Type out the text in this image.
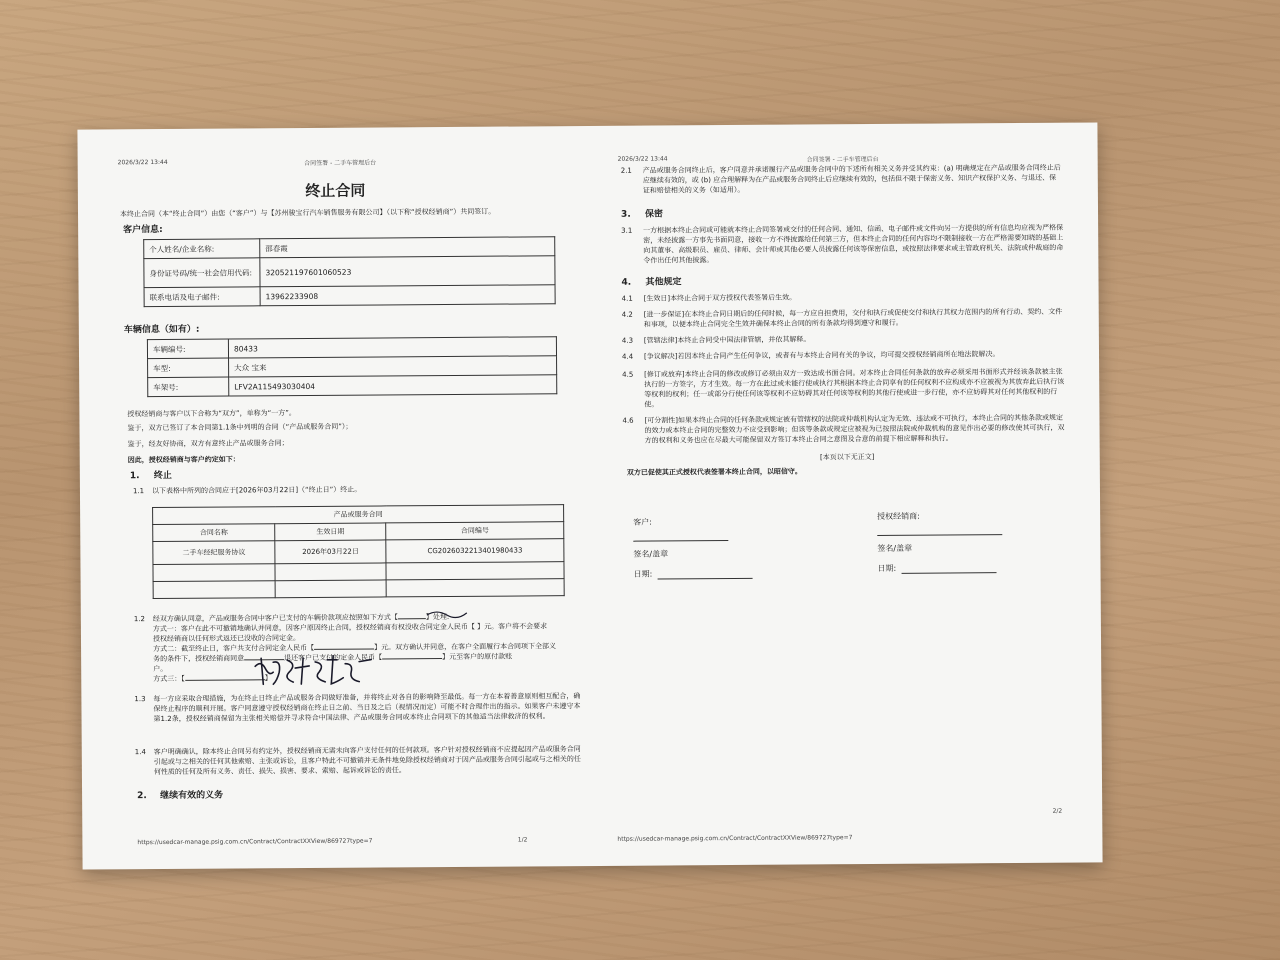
2026/3/22 13:44	合同签署 - 二手车管理后台
终止合同
本终止合同（本“终止合同”）由您（“客户”）与【苏州骏宝行汽车销售服务有限公司】（以下称“授权经销商”）共同签订。
客户信息:
个人姓名/企业名称:	邵春霞
身份证号码/统一社会信用代码:	320521197601060523
联系电话及电子邮件:	13962233908
车辆信息（如有）:
车辆编号:	80433
车型:	大众 宝来
车架号:	LFV2A115493030404
授权经销商与客户以下合称为“双方”，单称为“一方”。
鉴于，双方已签订了本合同第1.1条中列明的合同（“产品或服务合同”）；
鉴于，经友好协商，双方有意终止产品或服务合同；
因此，授权经销商与客户约定如下：
1. 终止
1.1 以下表格中所列的合同应于[2026年03月22日]（“终止日”）终止。
产品或服务合同		
合同名称	生效日期	合同编号
二手车经纪服务协议	2026年03月22日	CG2026032213401980433

1.2 经双方确认同意，产品或服务合同中客户已支付的车辆价款项应按照如下方式【	】处理:
方式一：客户在此不可撤销地确认并同意，因客户原因终止合同，授权经销商有权没收合同定金人民币【 】元。客户将不会要求
授权经销商以任何形式返还已没收的合同定金。
方式二：截至终止日，客户共支付合同定金人民币【	】元。双方确认并同意，在客户全面履行本合同项下全部义
务的条件下，授权经销商同意	退还客户已支付的定金人民币【	】元至客户的原付款账
户。
方式三：【	】
1.3 每一方应采取合理措施，为在终止日终止产品或服务合同做好准备，并将终止对各自的影响降至最低。每一方在本着善意原则相互配合，确保终止程序的顺利开展。客户同意遵守授权经销商在终止日之前、当日及之后（视情况而定）可能不时合理作出的指示。如果客户未遵守本第1.2条，授权经销商保留为主张相关赔偿并寻求符合中国法律、产品或服务合同或本终止合同项下的其他适当法律救济的权利。
1.4 客户明确确认，除本终止合同另有约定外，授权经销商无需未向客户支付任何的任何款项。客户针对授权经销商不应提起因产品或服务合同引起或与之相关的任何其他索赔、主张或诉讼，且客户特此不可撤销并无条件地免除授权经销商对于因产品或服务合同引起或与之相关的任何性质的任何及所有义务、责任、损失、损害、要求、索赔、起诉或诉讼的责任。
2. 继续有效的义务
https://usedcar-manage.psig.com.cn/Contract/ContractXXView/869727type=7	1/2
2026/3/22 13:44	合同签署 - 二手车管理后台
2.1 产品或服务合同终止后，客户同意并承诺履行产品或服务合同中的下述所有相关义务并受其约束：(a) 明确规定在产品或服务合同终止后应继续有效的，或 (b) 应合理解释为在产品或服务合同终止后应继续有效的，包括但不限于保密义务、知识产权保护义务、与退还、保证和赔偿相关的义务（如适用）。
3. 保密
3.1 一方根据本终止合同或可能就本终止合同签署或交付的任何合同、通知、信函、电子邮件或文件向另一方提供的所有信息均应视为严格保密，未经披露一方事先书面同意，接收一方不得披露给任何第三方，但本终止合同的任何内容均不限制接收一方在严格需要知晓的基础上向其董事、高级职员、雇员、律师、会计师或其他必要人员披露任何该等保密信息，或按照法律要求或主管政府机关、法院或仲裁庭的命令作出任何其他披露。
4. 其他规定
4.1 [生效日]本终止合同于双方授权代表签署后生效。
4.2 [进一步保证]在本终止合同日期后的任何时候，每一方应自担费用，交付和执行或促使交付和执行其权力范围内的所有行动、契约、文件和事项，以便本终止合同完全生效并确保本终止合同的所有条款均得到遵守和履行。
4.3 [管辖法律]本终止合同受中国法律管辖，并依其解释。
4.4 [争议解决]若因本终止合同产生任何争议，或者有与本终止合同有关的争议，均可提交授权经销商所在地法院解决。
4.5 [修订或放弃]本终止合同的修改或修订必须由双方一致达成书面合同。对本终止合同任何条款的放弃必须采用书面形式并经该条款被主张执行的一方签字，方才生效。每一方在此过或未能行使或执行其根据本终止合同享有的任何权利不应构成亦不应被视为其放弃此后执行该等权利的权利；任一或部分行使任何该等权利不应妨碍其对任何该等权利的其他行使或进一步行使，亦不应妨碍其对任何其他权利的行使。
4.6 [可分割性]如果本终止合同的任何条款或规定被有管辖权的法院或仲裁机构认定为无效、违法或不可执行，本终止合同的其他条款或规定的效力或本终止合同的完整效力不应受到影响；但该等条款或规定应被视为已按照法院或仲裁机构的意见作出必要的修改使其可执行，双方的权利和义务也应在尽最大可能保留双方签订本终止合同之意图及合意的前提下相应解释和执行。
[本页以下无正文]
双方已促使其正式授权代表签署本终止合同，以昭信守。
客户:
签名/盖章
日期:
授权经销商:
签名/盖章
日期:
https://usedcar-manage.psig.com.cn/Contract/ContractXXView/869727type=7
2/2
